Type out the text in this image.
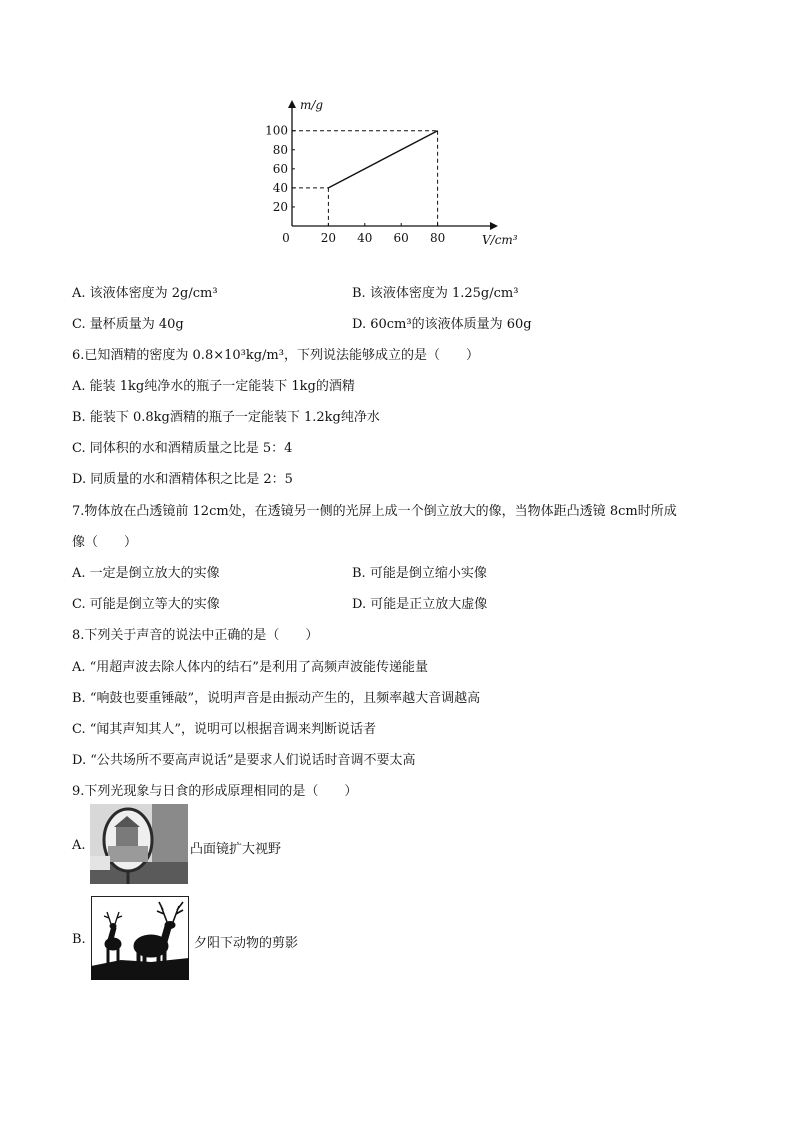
m/g
V/cm³
0	20 40 60 80
20
40
60
80
100
A. 该液体密度为 2g/cm³	B. 该液体密度为 1.25g/cm³
C. 量杯质量为 40g	D. 60cm³的该液体质量为 60g
6.已知酒精的密度为 0.8×10³kg/m³，下列说法能够成立的是（　　）
A. 能装 1kg纯净水的瓶子一定能装下 1kg的酒精
B. 能装下 0.8kg酒精的瓶子一定能装下 1.2kg纯净水
C. 同体积的水和酒精质量之比是 5：4
D. 同质量的水和酒精体积之比是 2：5
7.物体放在凸透镜前 12cm处，在透镜另一侧的光屏上成一个倒立放大的像，当物体距凸透镜 8cm时所成
像（　　）
A. 一定是倒立放大的实像	B. 可能是倒立缩小实像
C. 可能是倒立等大的实像	D. 可能是正立放大虚像
8.下列关于声音的说法中正确的是（　　）
A. “用超声波去除人体内的结石”是利用了高频声波能传递能量
B. “响鼓也要重锤敲”，说明声音是由振动产生的，且频率越大音调越高
C. “闻其声知其人”，说明可以根据音调来判断说话者
D. “公共场所不要高声说话”是要求人们说话时音调不要太高
9.下列光现象与日食的形成原理相同的是（　　）
A.	凸面镜扩大视野
B.	夕阳下动物的剪影
